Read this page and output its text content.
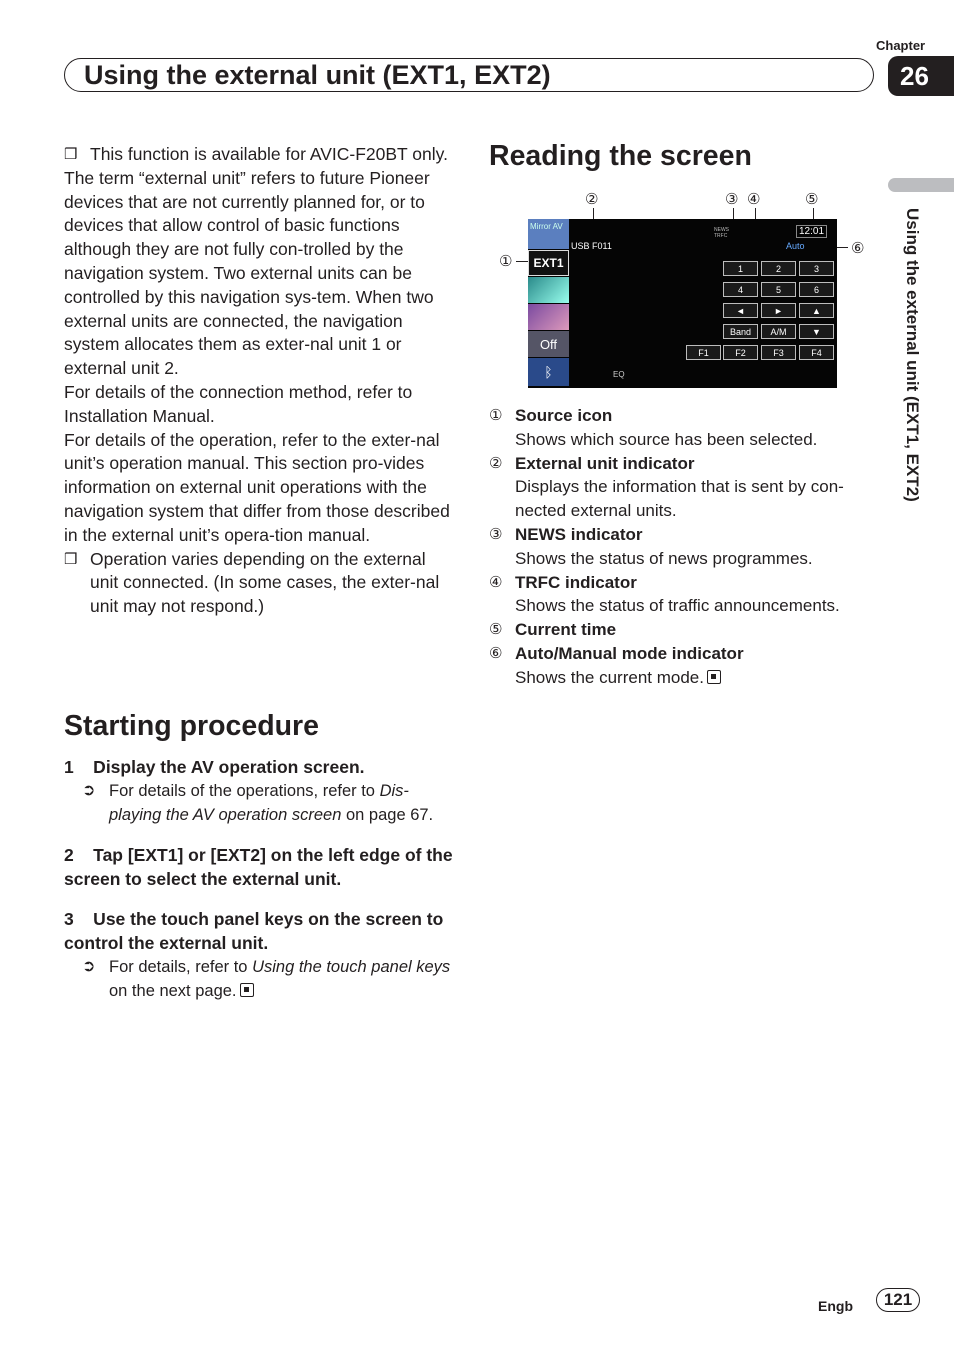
Chapter
26
Using the external unit (EXT1, EXT2)
Using the external unit (EXT1, EXT2)
❒ This function is available for AVIC-F20BT only.
The term “external unit” refers to future Pioneer devices that are not currently planned for, or to devices that allow control of basic functions although they are not fully con-trolled by the navigation system. Two external units can be controlled by this navigation sys-tem. When two external units are connected, the navigation system allocates them as exter-nal unit 1 or external unit 2.
For details of the connection method, refer to Installation Manual.
For details of the operation, refer to the exter-nal unit’s operation manual. This section pro-vides information on external unit operations with the navigation system that differ from those described in the external unit’s opera-tion manual.
❒ Operation varies depending on the external unit connected. (In some cases, the exter-nal unit may not respond.)
Starting procedure
1    Display the AV operation screen.
➲ For details of the operations, refer to Dis-playing the AV operation screen on page 67.
2    Tap [EXT1] or [EXT2] on the left edge of the screen to select the external unit.
3    Use the touch panel keys on the screen to control the external unit.
➲ For details, refer to Using the touch panel keys on the next page.
Reading the screen
②	③ ④	⑤
①
⑥
Mirror AV
EXT1
Off
ᛒ
USB F011
NEWS
TRFC	12:01
Auto
EQ
1	2	3
4	5	6
◄	►	▲
Band	A/M	▼
F1	F2	F3	F4
① Source icon
Shows which source has been selected.
② External unit indicator
Displays the information that is sent by con-nected external units.
③ NEWS indicator
Shows the status of news programmes.
④ TRFC indicator
Shows the status of traffic announcements.
⑤ Current time
⑥ Auto/Manual mode indicator
Shows the current mode.
Engb	121
